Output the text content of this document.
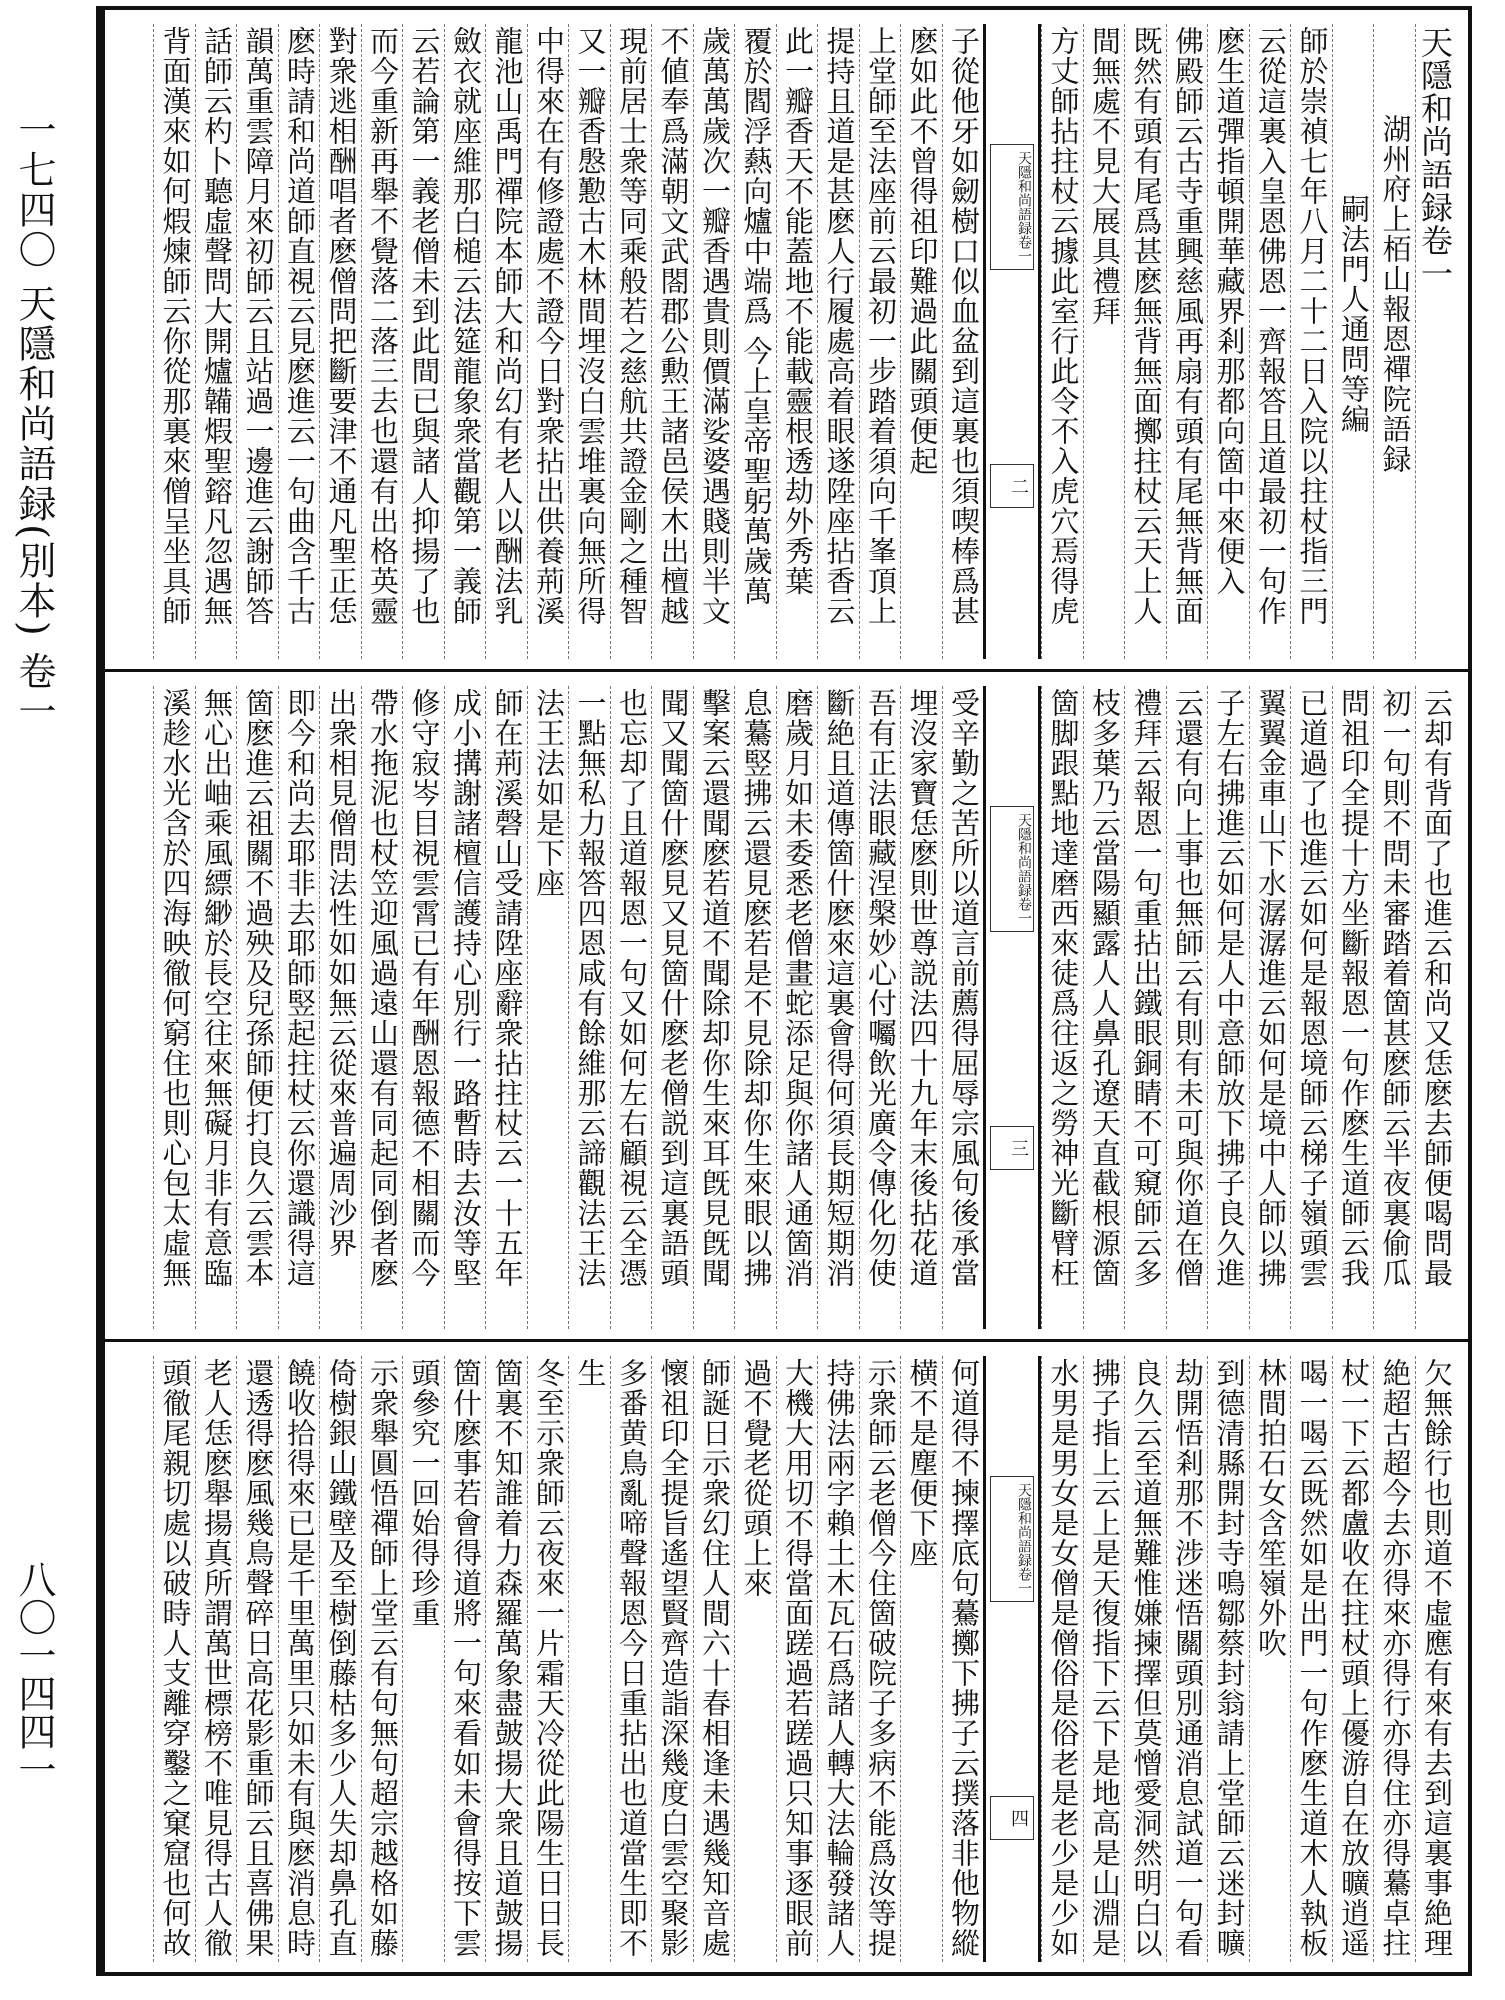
一七四〇 天隱和尚語録(別本) 卷一
八〇一四四一
天隱和尚語録卷一
湖州府上栢山報恩禪院語録
嗣法門人通問等編
師於崇禎七年八月二十二日入院以拄杖指三門
云從這裏入皇恩佛恩一齊報答且道最初一句作
麽生道彈指頓開華藏界剎那都向箇中來便入
佛殿師云古寺重興慈風再扇有頭有尾無背無面
既然有頭有尾爲甚麽無背無面擲拄杖云天上人
間無處不見大展具禮拜
方丈師拈拄杖云據此室行此令不入虎穴焉得虎
天隱和尚語録卷一
二
子從他牙如劒樹口似血盆到這裏也須喫棒爲甚
麽如此不曾得祖印難過此關頭便起
上堂師至法座前云最初一步踏着須向千峯頂上
提持且道是甚麽人行履處高着眼遂陞座拈香云
此一瓣香天不能蓋地不能載靈根透劫外秀葉
覆於閻浮爇向爐中端爲 今上皇帝聖躬萬歲萬
歲萬萬歲次一瓣香遇貴則價滿娑婆遇賤則半文
不値奉爲滿朝文武閤郡公勲王諸邑侯木出檀越
現前居士衆等同乘般若之慈航共證金剛之種智
又一瓣香慇懃古木林間埋沒白雲堆裏向無所得
中得來在有修證處不證今日對衆拈出供養荊溪
龍池山禹門禪院本師大和尚幻有老人以酬法乳
斂衣就座維那白槌云法筵龍象衆當觀第一義師
云若論第一義老僧未到此間已與諸人抑揚了也
而今重新再舉不覺落二落三去也還有出格英靈
對衆逃相酬唱者麽僧問把斷要津不通凡聖正恁
麽時請和尚道師直視云見麽進云一句曲含千古
韻萬重雲障月來初師云且站過一邊進云謝師答
話師云杓卜聽虛聲問大開爐韛煆聖鎔凡忽遇無
背面漢來如何煆煉師云你從那裏來僧呈坐具師
云却有背面了也進云和尚又恁麽去師便喝問最
初一句則不問未審踏着箇甚麽師云半夜裏偷瓜
問祖印全提十方坐斷報恩一句作麽生道師云我
已道過了也進云如何是報恩境師云梯子嶺頭雲
翼翼金車山下水潺潺進云如何是境中人師以拂
子左右拂進云如何是人中意師放下拂子良久進
云還有向上事也無師云有則有未可與你道在僧
禮拜云報恩一句重拈出鐵眼銅睛不可窺師云多
枝多葉乃云當陽顯露人人鼻孔遼天直截根源箇
箇脚跟點地達磨西來徒爲往返之勞神光斷臂枉
天隱和尚語録卷一
三
受辛勤之苦所以道言前薦得屈辱宗風句後承當
埋沒家寶恁麽則世尊説法四十九年末後拈花道
吾有正法眼藏涅槃妙心付囑飲光廣令傳化勿使
斷絶且道傳箇什麽來這裏會得何須長期短期消
磨歲月如未委悉老僧畫蛇添足與你諸人通箇消
息驀竪拂云還見麽若是不見除却你生來眼以拂
擊案云還聞麽若道不聞除却你生來耳旣見旣聞
聞又聞箇什麽見又見箇什麽老僧説到這裏語頭
也忘却了且道報恩一句又如何左右顧視云全憑
一點無私力報答四恩咸有餘維那云諦觀法王法
法王法如是下座
師在荊溪磬山受請陞座辭衆拈拄杖云一十五年
成小搆謝諸檀信護持心別行一路暫時去汝等堅
修守寂岑目視雲霄已有年酬恩報德不相關而今
帶水拖泥也杖笠迎風過遠山還有同起同倒者麽
出衆相見僧問法性如如無云從來普遍周沙界
即今和尚去耶非去耶師竪起拄杖云你還識得這
箇麽進云祖關不過殃及兒孫師便打良久云雲本
無心出岫乘風縹緲於長空往來無礙月非有意臨
溪趁水光含於四海映徹何窮住也則心包太虛無
欠無餘行也則道不虛應有來有去到這裏事絶理
絶超古超今去亦得來亦得行亦得住亦得驀卓拄
杖一下云都盧收在拄杖頭上優游自在放曠逍遥
喝一喝云既然如是出門一句作麽生道木人執板
林間拍石女含笙嶺外吹
到德清縣開封寺鳴鄒蔡封翁請上堂師云迷封曠
劫開悟剎那不涉迷悟關頭別通消息試道一句看
良久云至道無難惟嫌揀擇但莫憎愛洞然明白以
拂子指上云上是天復指下云下是地高是山淵是
水男是男女是女僧是僧俗是俗老是老少是少如
天隱和尚語録卷一
四
何道得不揀擇底句驀擲下拂子云撲落非他物縱
横不是塵便下座
示衆師云老僧今住箇破院子多病不能爲汝等提
持佛法兩字賴土木瓦石爲諸人轉大法輪發諸人
大機大用切不得當面蹉過若蹉過只知事逐眼前
過不覺老從頭上來
師誕日示衆幻住人間六十春相逢未遇幾知音處
懷祖印全提旨遙望賢齊造詣深幾度白雲空聚影
多番黄鳥亂啼聲報恩今日重拈出也道當生即不
生
冬至示衆師云夜來一片霜天冷從此陽生日日長
箇裏不知誰着力森羅萬象盡皷揚大衆且道皷揚
箇什麽事若會得道將一句來看如未會得按下雲
頭參究一回始得珍重
示衆舉圓悟禪師上堂云有句無句超宗越格如藤
倚樹銀山鐵壁及至樹倒藤枯多少人失却鼻孔直
饒收拾得來已是千里萬里只如未有與麽消息時
還透得麽風幾鳥聲碎日高花影重師云且喜佛果
老人恁麽舉揚真所謂萬世標榜不唯見得古人徹
頭徹尾親切處以破時人支離穿鑿之窠窟也何故
